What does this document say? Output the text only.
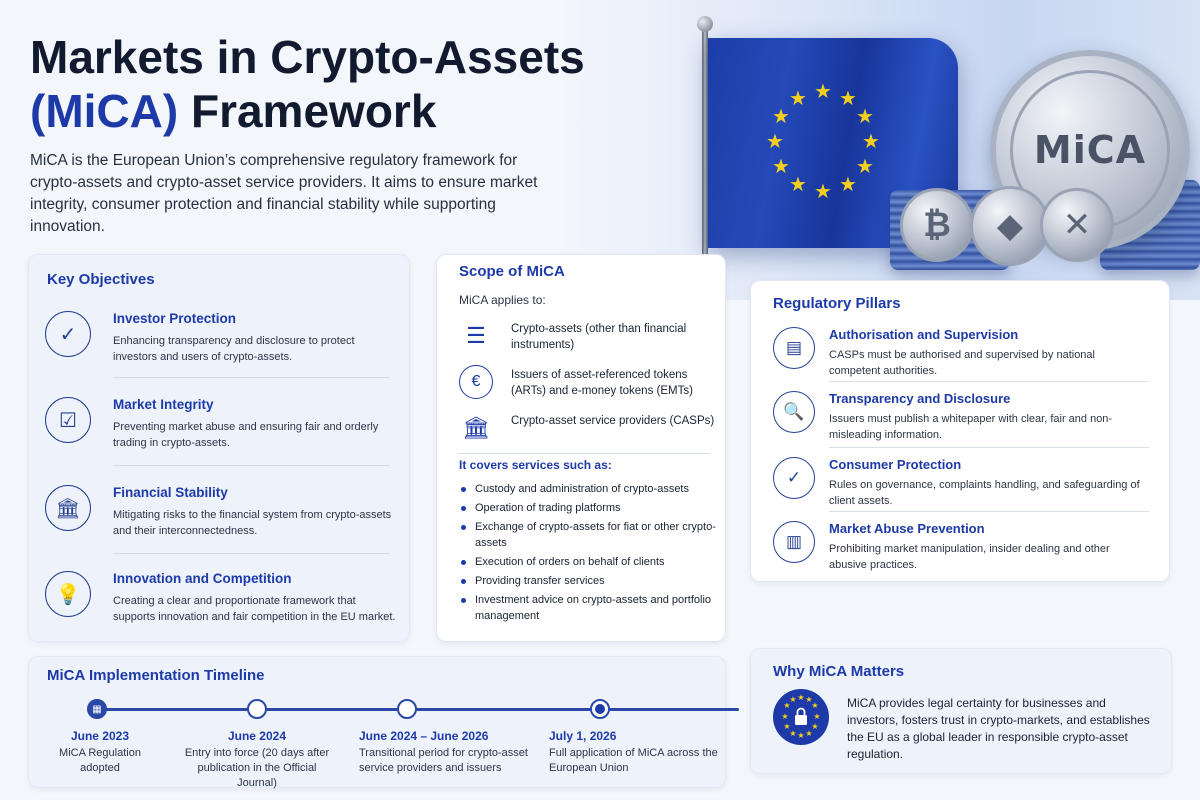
★ ★ ★
★
★
★
★
★
★
★
★
★
MiCA
₿	◆	✕
Markets in Crypto-Assets
(MiCA) Framework

MiCA is the European Union’s comprehensive regulatory framework for crypto-assets and crypto-asset service providers. It aims to ensure market integrity, consumer protection and financial stability while supporting innovation.

Key Objectives
✓
Investor Protection
Enhancing transparency and disclosure to protect investors and users of crypto-assets.
☑
Market Integrity
Preventing market abuse and ensuring fair and orderly trading in crypto-assets.
🏛
Financial Stability
Mitigating risks to the financial system from crypto-assets and their interconnectedness.
💡
Innovation and Competition
Creating a clear and proportionate framework that supports innovation and fair competition in the EU market.
Scope of MiCA
MiCA applies to:
☰	Crypto-assets (other than financial instruments)
€	Issuers of asset-referenced tokens (ARTs) and e-money tokens (EMTs)
🏛 Crypto-asset service providers (CASPs)
It covers services such as:
Custody and administration of crypto-assets
Operation of trading platforms
Exchange of crypto-assets for fiat or other crypto-assets
Execution of orders on behalf of clients
Providing transfer services
Investment advice on crypto-assets and portfolio management
Regulatory Pillars
▤
Authorisation and Supervision
CASPs must be authorised and supervised by national competent authorities.
🔍
Transparency and Disclosure
Issuers must publish a whitepaper with clear, fair and non-misleading information.
✓
Consumer Protection
Rules on governance, complaints handling, and safeguarding of client assets.
▥
Market Abuse Prevention
Prohibiting market manipulation, insider dealing and other abusive practices.
MiCA Implementation Timeline
▦
June 2023
MiCA Regulation adopted
June 2024
Entry into force (20 days after publication in the Official Journal)
June 2024 – June 2026
Transitional period for crypto-asset service providers and issuers
July 1, 2026
Full application of MiCA across the European Union
Why MiCA Matters
★ ★
★
★
★
★
★
★
★
★
★
★	MiCA provides legal certainty for businesses and investors, fosters trust in crypto-markets, and establishes the EU as a global leader in responsible crypto-asset regulation.
